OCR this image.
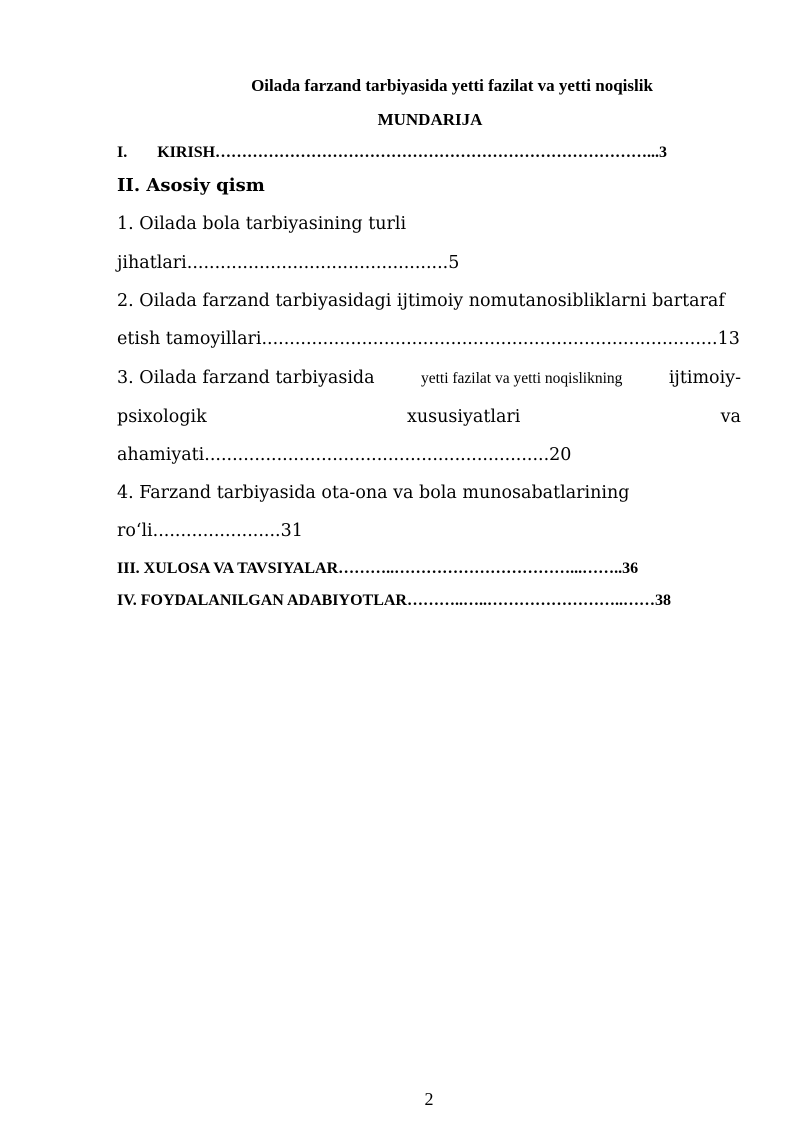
Oilada farzand tarbiyasida yetti fazilat va yetti noqislik
MUNDARIJA
I. KIRISH………………………………………………………………………...3
II. Asosiy qism
1. Oilada bola tarbiyasining turli
jihatlari...............................................5
2. Oilada farzand tarbiyasidagi ijtimoiy nomutanosibliklarni bartaraf
etish tamoyillari..................................................................................13
3. Oilada farzand tarbiyasida	yetti fazilat va yetti noqislikning	ijtimoiy-
psixologik	xususiyatlari	va
ahamiyati..............................................................20
4. Farzand tarbiyasida ota-ona va bola munosabatlarining
ro‘li.......................31
III. XULOSA VA TAVSIYALAR………..……………………………...……..36
IV. FOYDALANILGAN ADABIYOTLAR………..…..……………………..……38
2
